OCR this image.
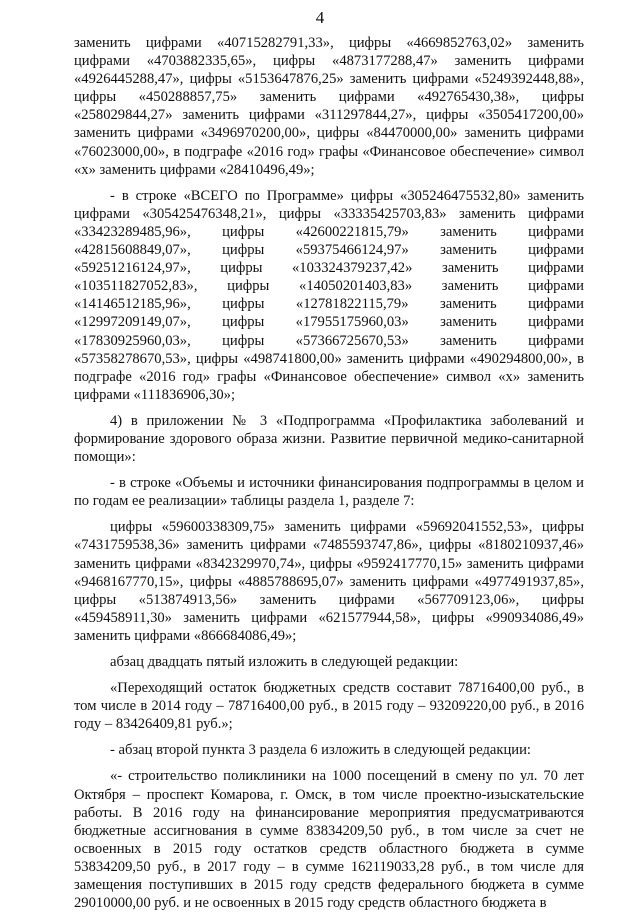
4

заменить цифрами «40715282791,33», цифры «4669852763,02» заменить цифрами «4703882335,65», цифры «4873177288,47» заменить цифрами «4926445288,47», цифры «5153647876,25» заменить цифрами «5249392448,88», цифры «450288857,75» заменить цифрами «492765430,38», цифры «258029844,27» заменить цифрами «311297844,27», цифры «3505417200,00» заменить цифрами «3496970200,00», цифры «84470000,00» заменить цифрами «76023000,00», в подграфе «2016 год» графы «Финансовое обеспечение» символ «х» заменить цифрами «28410496,49»;

- в строке «ВСЕГО по Программе» цифры «305246475532,80» заменить цифрами «305425476348,21», цифры «33335425703,83» заменить цифрами «33423289485,96», цифры «42600221815,79» заменить цифрами «42815608849,07», цифры «59375466124,97» заменить цифрами «59251216124,97», цифры «103324379237,42» заменить цифрами «103511827052,83», цифры «14050201403,83» заменить цифрами «14146512185,96», цифры «12781822115,79» заменить цифрами «12997209149,07», цифры «17955175960,03» заменить цифрами «17830925960,03», цифры «57366725670,53» заменить цифрами «57358278670,53», цифры «498741800,00» заменить цифрами «490294800,00», в подграфе «2016 год» графы «Финансовое обеспечение» символ «х» заменить цифрами «111836906,30»;

4) в приложении № 3 «Подпрограмма «Профилактика заболеваний и формирование здорового образа жизни. Развитие первичной медико-санитарной помощи»:

- в строке «Объемы и источники финансирования подпрограммы в целом и по годам ее реализации» таблицы раздела 1, разделе 7:

цифры «59600338309,75» заменить цифрами «59692041552,53», цифры «7431759538,36» заменить цифрами «7485593747,86», цифры «8180210937,46» заменить цифрами «8342329970,74», цифры «9592417770,15» заменить цифрами «9468167770,15», цифры «4885788695,07» заменить цифрами «4977491937,85», цифры «513874913,56» заменить цифрами «567709123,06», цифры «459458911,30» заменить цифрами «621577944,58», цифры «990934086,49» заменить цифрами «866684086,49»;

абзац двадцать пятый изложить в следующей редакции:

«Переходящий остаток бюджетных средств составит 78716400,00 руб., в том числе в 2014 году – 78716400,00 руб., в 2015 году – 93209220,00 руб., в 2016 году – 83426409,81 руб.»;

- абзац второй пункта 3 раздела 6 изложить в следующей редакции:

«- строительство поликлиники на 1000 посещений в смену по ул. 70 лет Октября – проспект Комарова, г. Омск, в том числе проектно-изыскательские работы. В 2016 году на финансирование мероприятия предусматриваются бюджетные ассигнования в сумме 83834209,50 руб., в том числе за счет не освоенных в 2015 году остатков средств областного бюджета в сумме 53834209,50 руб., в 2017 году – в сумме 162119033,28 руб., в том числе для замещения поступивших в 2015 году средств федерального бюджета в сумме 29010000,00 руб. и не освоенных в 2015 году средств областного бюджета в
